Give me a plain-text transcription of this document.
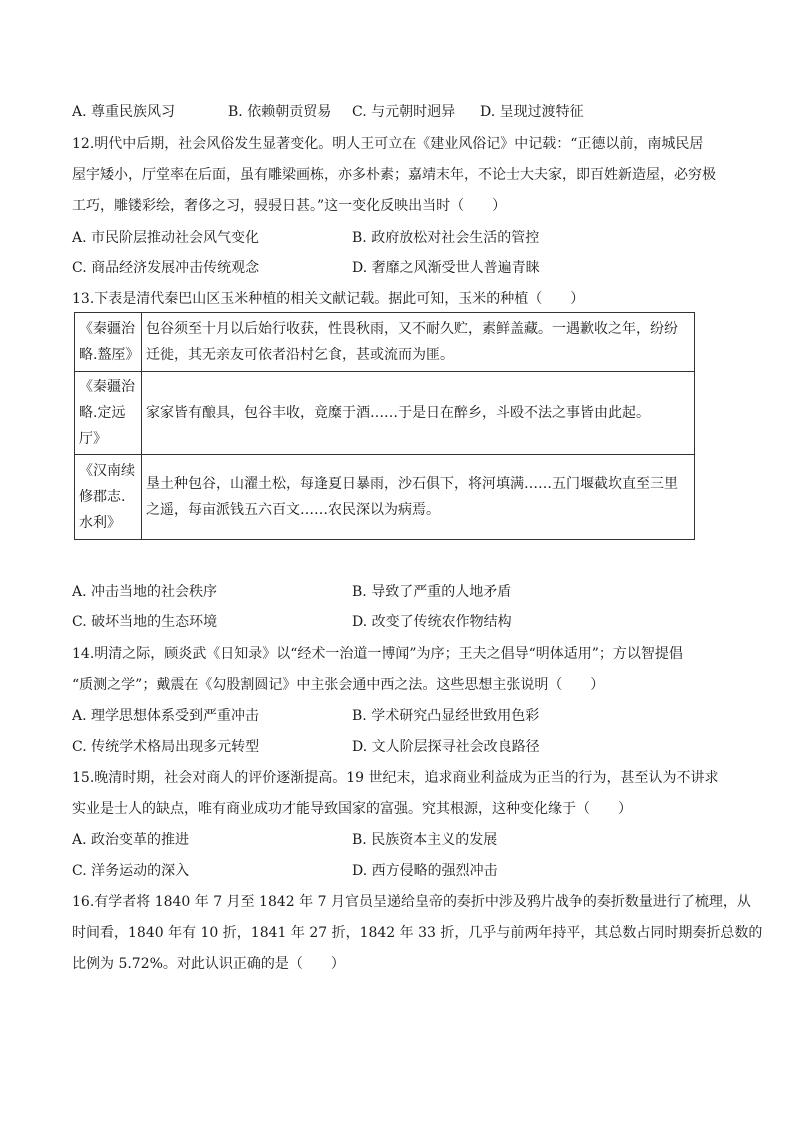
A. 尊重民族风习	B. 依赖朝贡贸易 C. 与元朝时迥异 D. 呈现过渡特征
12.明代中后期，社会风俗发生显著变化。明人王可立在《建业风俗记》中记载：“正德以前，南城民居
屋宇矮小，厅堂率在后面，虽有雕梁画栋，亦多朴素；嘉靖末年，不论士大夫家，即百姓新造屋，必穷极
工巧，雕镂彩绘，奢侈之习，骎骎日甚。”这一变化反映出当时（　　）
A. 市民阶层推动社会风气变化	B. 政府放松对社会生活的管控
C. 商品经济发展冲击传统观念	D. 奢靡之风渐受世人普遍青睐
13.下表是清代秦巴山区玉米种植的相关文献记载。据此可知，玉米的种植（　　）
《秦疆治略.盩厔》	包谷须至十月以后始行收获，性畏秋雨，又不耐久贮，素鲜盖藏。一遇歉收之年，纷纷迁徙，其无亲友可依者沿村乞食，甚或流而为匪。
《秦疆治略.定远厅》	家家皆有酿具，包谷丰收，竟糜于酒……于是日在醉乡，斗殴不法之事皆由此起。
《汉南续修郡志.水利》	垦土种包谷，山濯土松，每逢夏日暴雨，沙石俱下，将河填满……五门堰截坎直至三里之遥，每亩派钱五六百文……农民深以为病焉。
A. 冲击当地的社会秩序	B. 导致了严重的人地矛盾
C. 破坏当地的生态环境	D. 改变了传统农作物结构
14.明清之际，顾炎武《日知录》以“经术一治道一博闻”为序；王夫之倡导“明体适用”；方以智提倡
“质测之学”；戴震在《勾股割圆记》中主张会通中西之法。这些思想主张说明（　　）
A. 理学思想体系受到严重冲击	B. 学术研究凸显经世致用色彩
C. 传统学术格局出现多元转型	D. 文人阶层探寻社会改良路径
15.晚清时期，社会对商人的评价逐渐提高。19 世纪末，追求商业利益成为正当的行为，甚至认为不讲求
实业是士人的缺点，唯有商业成功才能导致国家的富强。究其根源，这种变化缘于（　　）
A. 政治变革的推进	B. 民族资本主义的发展
C. 洋务运动的深入	D. 西方侵略的强烈冲击
16.有学者将 1840 年 7 月至 1842 年 7 月官员呈递给皇帝的奏折中涉及鸦片战争的奏折数量进行了梳理，从
时间看，1840 年有 10 折，1841 年 27 折，1842 年 33 折，几乎与前两年持平，其总数占同时期奏折总数的
比例为 5.72%。对此认识正确的是（　　）
